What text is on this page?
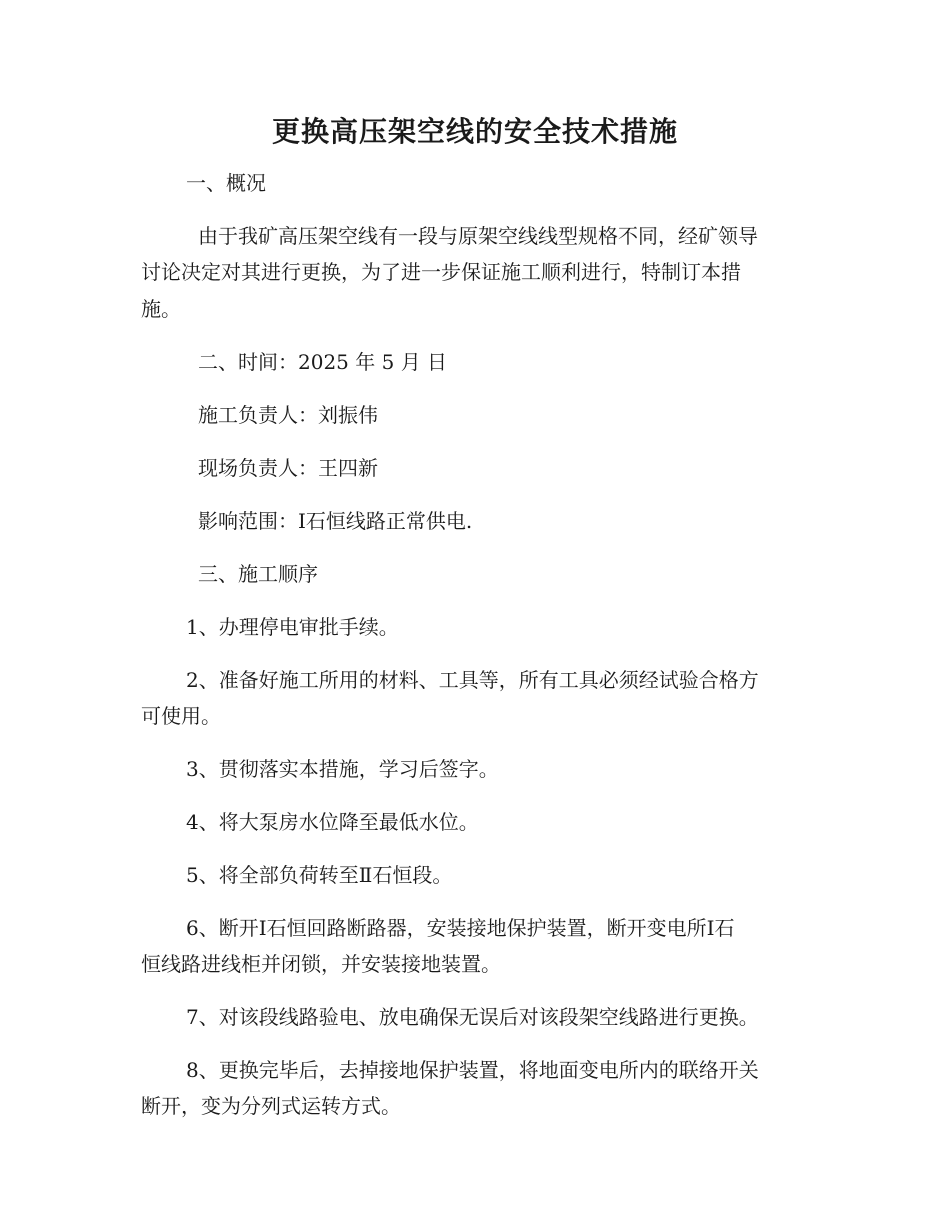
更换高压架空线的安全技术措施
一、概况
由于我矿高压架空线有一段与原架空线线型规格不同，经矿领导
讨论决定对其进行更换，为了进一步保证施工顺利进行，特制订本措
施。
二、时间：2025 年 5 月 日
施工负责人：刘振伟
现场负责人：王四新
影响范围：Ⅰ石恒线路正常供电.
三、施工顺序
1、办理停电审批手续。
2、准备好施工所用的材料、工具等，所有工具必须经试验合格方
可使用。
3、贯彻落实本措施，学习后签字。
4、将大泵房水位降至最低水位。
5、将全部负荷转至Ⅱ石恒段。
6、断开Ⅰ石恒回路断路器，安装接地保护装置，断开变电所Ⅰ石
恒线路进线柜并闭锁，并安装接地装置。
7、对该段线路验电、放电确保无误后对该段架空线路进行更换。
8、更换完毕后，去掉接地保护装置，将地面变电所内的联络开关
断开，变为分列式运转方式。
